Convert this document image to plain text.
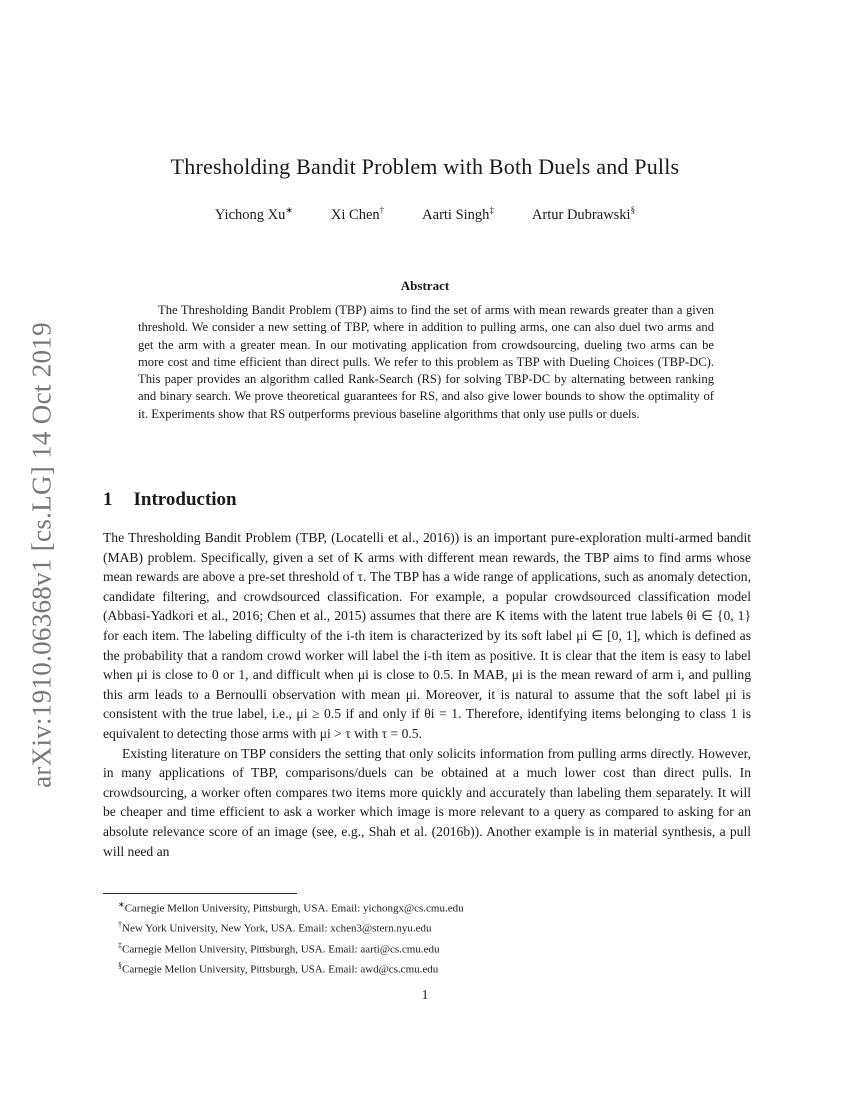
arXiv:1910.06368v1 [cs.LG] 14 Oct 2019
Thresholding Bandit Problem with Both Duels and Pulls
Yichong Xu∗	Xi Chen†	Aarti Singh‡	Artur Dubrawski§
Abstract

The Thresholding Bandit Problem (TBP) aims to find the set of arms with mean rewards greater than a given threshold. We consider a new setting of TBP, where in addition to pulling arms, one can also duel two arms and get the arm with a greater mean. In our motivating application from crowdsourcing, dueling two arms can be more cost and time efficient than direct pulls. We refer to this problem as TBP with Dueling Choices (TBP-DC). This paper provides an algorithm called Rank-Search (RS) for solving TBP-DC by alternating between ranking and binary search. We prove theoretical guarantees for RS, and also give lower bounds to show the optimality of it. Experiments show that RS outperforms previous baseline algorithms that only use pulls or duels.

1 Introduction

The Thresholding Bandit Problem (TBP, (Locatelli et al., 2016)) is an important pure-exploration multi-armed bandit (MAB) problem. Specifically, given a set of K arms with different mean rewards, the TBP aims to find arms whose mean rewards are above a pre-set threshold of τ. The TBP has a wide range of applications, such as anomaly detection, candidate filtering, and crowdsourced classification. For example, a popular crowdsourced classification model (Abbasi-Yadkori et al., 2016; Chen et al., 2015) assumes that there are K items with the latent true labels θi ∈ {0, 1} for each item. The labeling difficulty of the i-th item is characterized by its soft label μi ∈ [0, 1], which is defined as the probability that a random crowd worker will label the i-th item as positive. It is clear that the item is easy to label when μi is close to 0 or 1, and difficult when μi is close to 0.5. In MAB, μi is the mean reward of arm i, and pulling this arm leads to a Bernoulli observation with mean μi. Moreover, it is natural to assume that the soft label μi is consistent with the true label, i.e., μi ≥ 0.5 if and only if θi = 1. Therefore, identifying items belonging to class 1 is equivalent to detecting those arms with μi > τ with τ = 0.5.

Existing literature on TBP considers the setting that only solicits information from pulling arms directly. However, in many applications of TBP, comparisons/duels can be obtained at a much lower cost than direct pulls. In crowdsourcing, a worker often compares two items more quickly and accurately than labeling them separately. It will be cheaper and time efficient to ask a worker which image is more relevant to a query as compared to asking for an absolute relevance score of an image (see, e.g., Shah et al. (2016b)). Another example is in material synthesis, a pull will need an

∗Carnegie Mellon University, Pittsburgh, USA. Email: yichongx@cs.cmu.edu
†New York University, New York, USA. Email: xchen3@stern.nyu.edu
‡Carnegie Mellon University, Pittsburgh, USA. Email: aarti@cs.cmu.edu
§Carnegie Mellon University, Pittsburgh, USA. Email: awd@cs.cmu.edu
1
